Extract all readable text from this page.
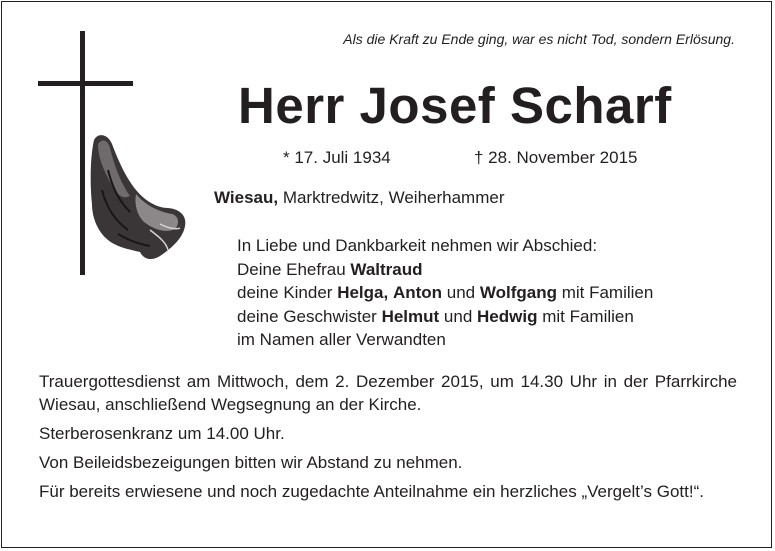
Als die Kraft zu Ende ging, war es nicht Tod, sondern Erlösung.
Herr Josef Scharf
* 17. Juli 1934	† 28. November 2015
Wiesau, Marktredwitz, Weiherhammer
In Liebe und Dankbarkeit nehmen wir Abschied:
Deine Ehefrau Waltraud
deine Kinder Helga, Anton und Wolfgang mit Familien
deine Geschwister Helmut und Hedwig mit Familien
im Namen aller Verwandten

Trauergottesdienst am Mittwoch, dem 2. Dezember 2015, um 14.30 Uhr in der Pfarrkirche Wiesau, anschließend Wegsegnung an der Kirche.

Sterberosenkranz um 14.00 Uhr.

Von Beileidsbezeigungen bitten wir Abstand zu nehmen.

Für bereits erwiesene und noch zugedachte Anteilnahme ein herzliches „Vergelt’s Gott!“.
